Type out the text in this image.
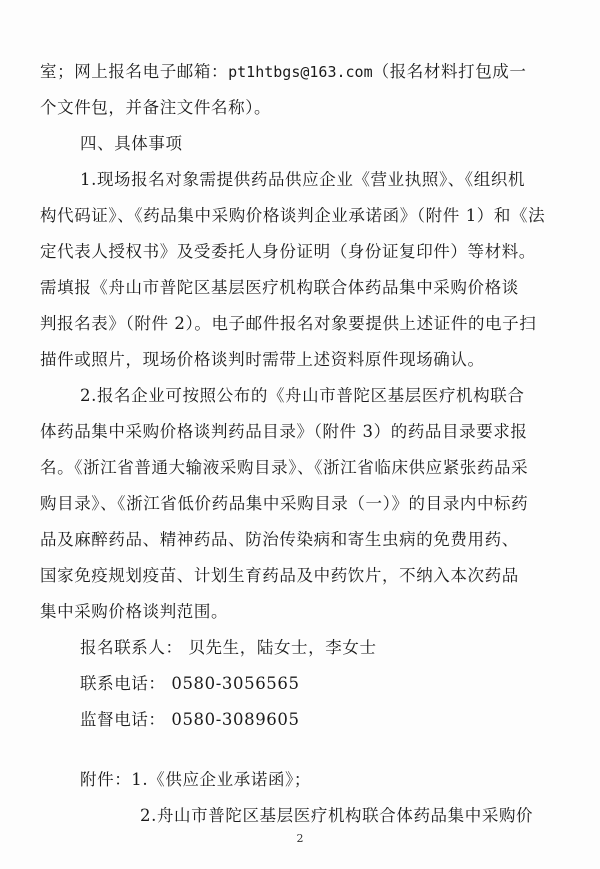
室；网上报名电子邮箱：pt1htbgs@163.com（报名材料打包成一
个文件包，并备注文件名称）。
四、具体事项
1.现场报名对象需提供药品供应企业《营业执照》、《组织机
构代码证》、《药品集中采购价格谈判企业承诺函》（附件 1）和《法
定代表人授权书》及受委托人身份证明（身份证复印件）等材料。
需填报《舟山市普陀区基层医疗机构联合体药品集中采购价格谈
判报名表》（附件 2）。电子邮件报名对象要提供上述证件的电子扫
描件或照片，现场价格谈判时需带上述资料原件现场确认。
2.报名企业可按照公布的《舟山市普陀区基层医疗机构联合
体药品集中采购价格谈判药品目录》（附件 3）的药品目录要求报
名。《浙江省普通大输液采购目录》、《浙江省临床供应紧张药品采
购目录》、《浙江省低价药品集中采购目录（一）》的目录内中标药
品及麻醉药品、精神药品、防治传染病和寄生虫病的免费用药、
国家免疫规划疫苗、计划生育药品及中药饮片，不纳入本次药品
集中采购价格谈判范围。
报名联系人： 贝先生，陆女士，李女士
联系电话： 0580-3056565
监督电话： 0580-3089605
附件：1.《供应企业承诺函》；
2.舟山市普陀区基层医疗机构联合体药品集中采购价
2
